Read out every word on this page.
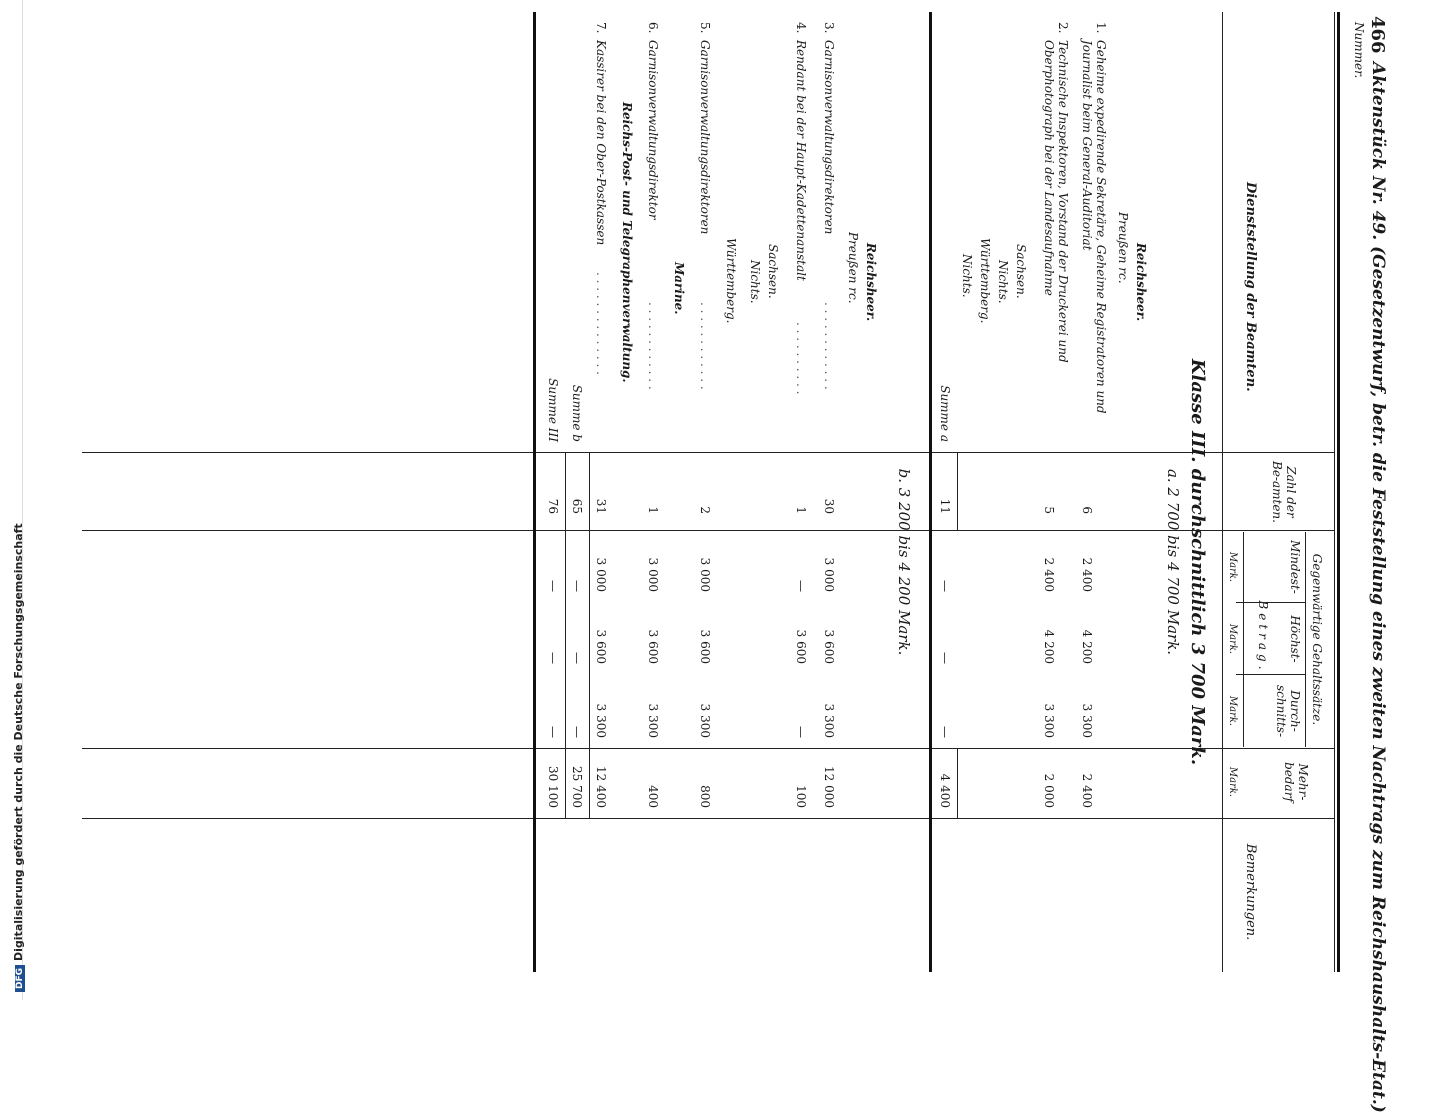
DFGDigitalisierung gefördert durch die Deutsche Forschungsgemeinschaft
466
Aktenstück Nr. 49. (Gesetzentwurf, betr. die Feststellung eines zweiten Nachtrags zum Reichshaushalts-Etat.)
Nummer.
Dienststellung der Beamten.
Zahl der Be-amten.
Gegenwärtige Gehaltssätze.
Mindest-
Höchst-
Durch-schnitts-
Betrag.
Mark.
Mark.
Mark.
Mehr-bedarf
Mark.
Bemerkungen.
Klasse III. durchschnittlich 3 700 Mark.
a. 2 700 bis 4 700 Mark.
Reichsheer.
Preußen rc.
1.
Geheime expedirende Sekretäre, Geheime Registratoren und Journalist beim General-Auditoriat
6
2 400
4 200
3 300
2 400
2.
Technische Inspektoren, Vorstand der Druckerei und Oberphotograph bei der Landesaufnahme
5
2 400
4 200
3 300
2 000
Sachsen.
Nichts.
Württemberg.
Nichts.
Summe a
11
—
—
—
4 400
b. 3 200 bis 4 200 Mark.
Reichsheer.
Preußen rc.
3.
Garnisonverwaltungsdirektoren
. . . . . . . . . . . .
30
3 000
3 600
3 300
12 000
4.
Rendant bei der Haupt-Kadettenanstalt
. . . . . . . . . .
1
—
3 600
—
100
Sachsen.
Nichts.
Württemberg.
5.
Garnisonverwaltungsdirektoren
. . . . . . . . . . . .
2
3 000
3 600
3 300
800
Marine.
6.
Garnisonverwaltungsdirektor
. . . . . . . . . . . .
1
3 000
3 600
3 300
400
Reichs-Post- und Telegraphenverwaltung.
7.
Kassirer bei den Ober-Postkassen
. . . . . . . . . . . . . .
31
3 000
3 600
3 300
12 400
Summe b
65
—
—
—
25 700
Summe III
76
—
—
—
30 100
